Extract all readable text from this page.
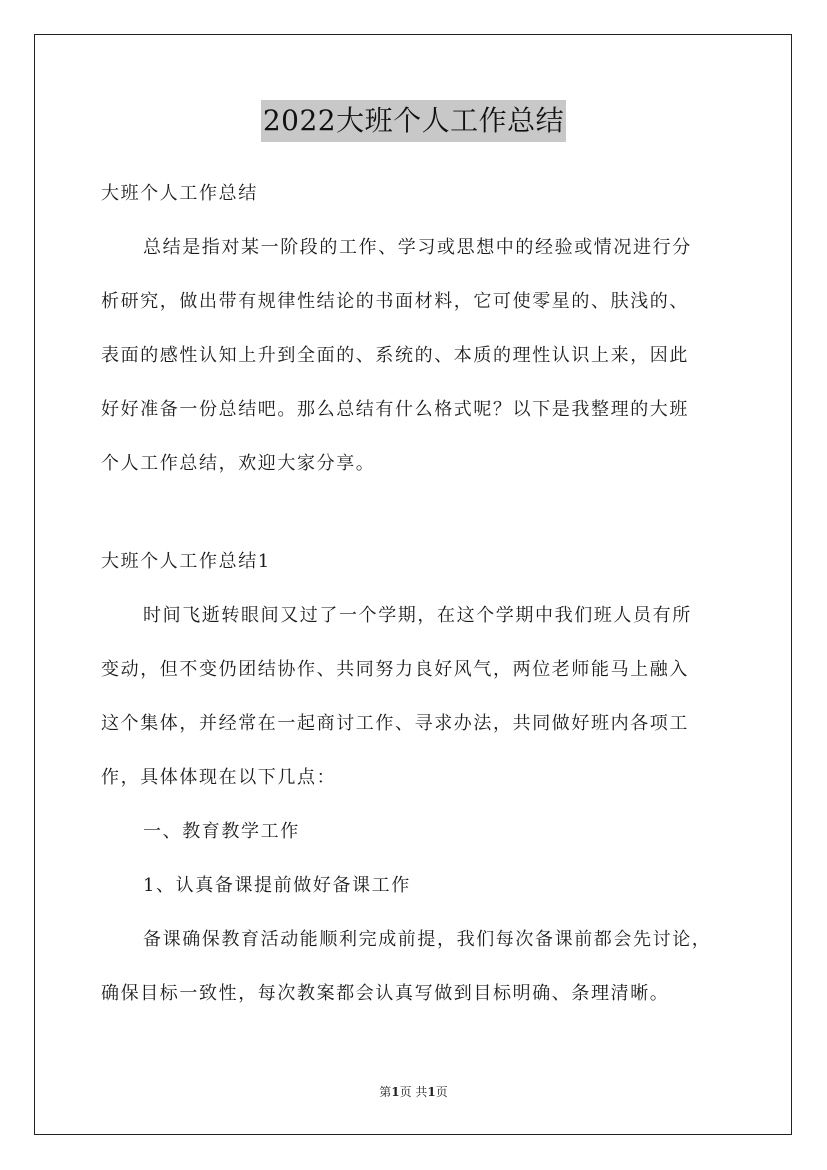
2022大班个人工作总结
大班个人工作总结
总结是指对某一阶段的工作、学习或思想中的经验或情况进行分
析研究，做出带有规律性结论的书面材料，它可使零星的、肤浅的、
表面的感性认知上升到全面的、系统的、本质的理性认识上来，因此
好好准备一份总结吧。那么总结有什么格式呢？以下是我整理的大班
个人工作总结，欢迎大家分享。
大班个人工作总结1
时间飞逝转眼间又过了一个学期，在这个学期中我们班人员有所
变动，但不变仍团结协作、共同努力良好风气，两位老师能马上融入
这个集体，并经常在一起商讨工作、寻求办法，共同做好班内各项工
作，具体体现在以下几点：
一、教育教学工作
1、认真备课提前做好备课工作
备课确保教育活动能顺利完成前提，我们每次备课前都会先讨论，
确保目标一致性，每次教案都会认真写做到目标明确、条理清晰。
第1页 共1页
